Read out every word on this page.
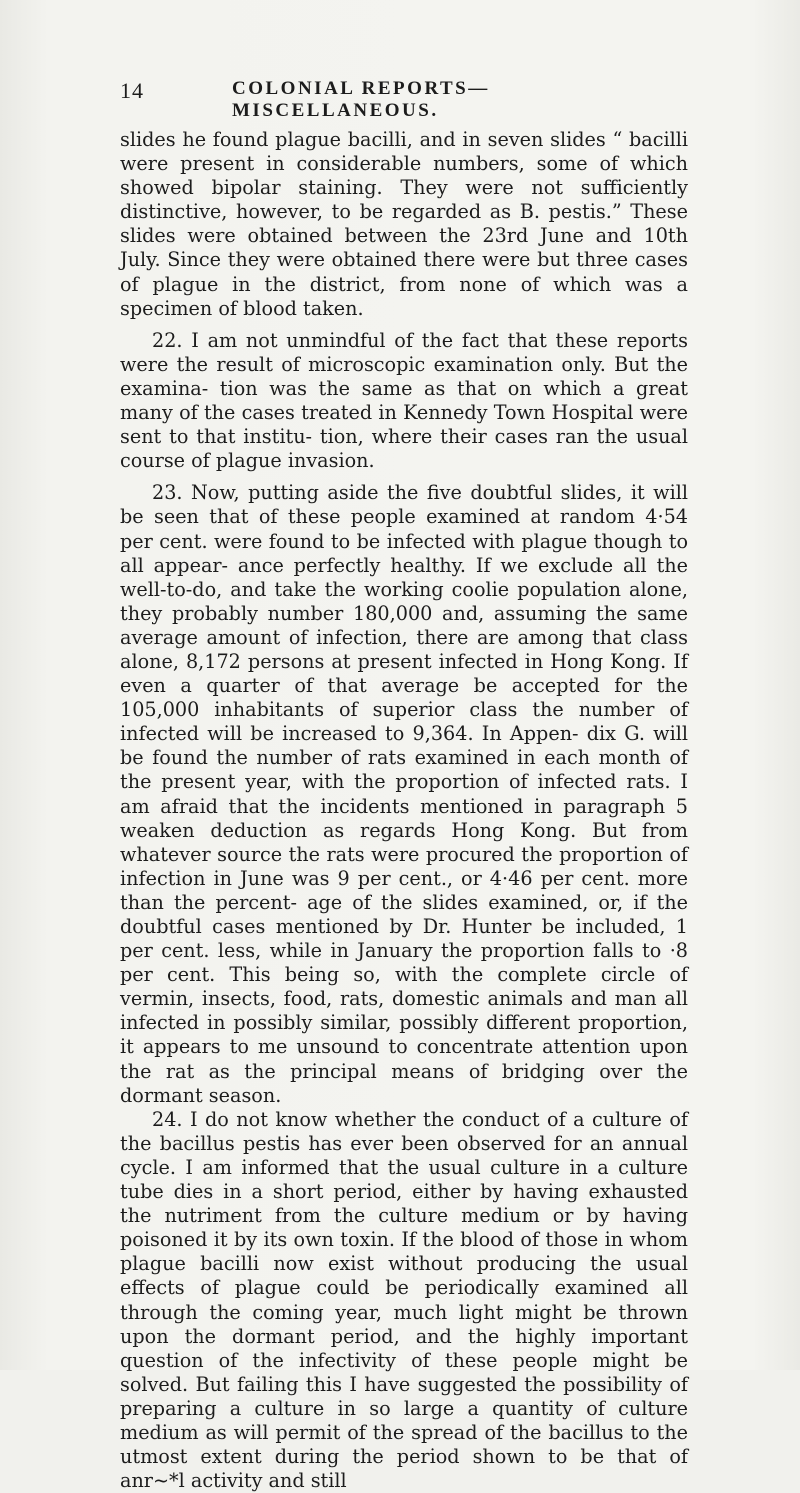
14	COLONIAL REPORTS—MISCELLANEOUS.

slides he found plague bacilli, and in seven slides “ bacilli were present in considerable numbers, some of which showed bipolar staining. They were not sufficiently distinctive, however, to be regarded as B. pestis.” These slides were obtained between the 23rd June and 10th July. Since they were obtained there were but three cases of plague in the district, from none of which was a specimen of blood taken.

22. I am not unmindful of the fact that these reports were the result of microscopic examination only. But the examina- tion was the same as that on which a great many of the cases treated in Kennedy Town Hospital were sent to that institu- tion, where their cases ran the usual course of plague invasion.

23. Now, putting aside the five doubtful slides, it will be seen that of these people examined at random 4·54 per cent. were found to be infected with plague though to all appear- ance perfectly healthy. If we exclude all the well-to-do, and take the working coolie population alone, they probably number 180,000 and, assuming the same average amount of infection, there are among that class alone, 8,172 persons at present infected in Hong Kong. If even a quarter of that average be accepted for the 105,000 inhabitants of superior class the number of infected will be increased to 9,364. In Appen- dix G. will be found the number of rats examined in each month of the present year, with the proportion of infected rats. I am afraid that the incidents mentioned in paragraph 5 weaken deduction as regards Hong Kong. But from whatever source the rats were procured the proportion of infection in June was 9 per cent., or 4·46 per cent. more than the percent- age of the slides examined, or, if the doubtful cases mentioned by Dr. Hunter be included, 1 per cent. less, while in January the proportion falls to ·8 per cent. This being so, with the complete circle of vermin, insects, food, rats, domestic animals and man all infected in possibly similar, possibly different proportion, it appears to me unsound to concentrate attention upon the rat as the principal means of bridging over the dormant season.

24. I do not know whether the conduct of a culture of the bacillus pestis has ever been observed for an annual cycle. I am informed that the usual culture in a culture tube dies in a short period, either by having exhausted the nutriment from the culture medium or by having poisoned it by its own toxin. If the blood of those in whom plague bacilli now exist without producing the usual effects of plague could be periodically examined all through the coming year, much light might be thrown upon the dormant period, and the highly important question of the infectivity of these people might be solved. But failing this I have suggested the possibility of preparing a culture in so large a quantity of culture medium as will permit of the spread of the bacillus to the utmost extent during the period shown to be that of anr~*l activity and still
